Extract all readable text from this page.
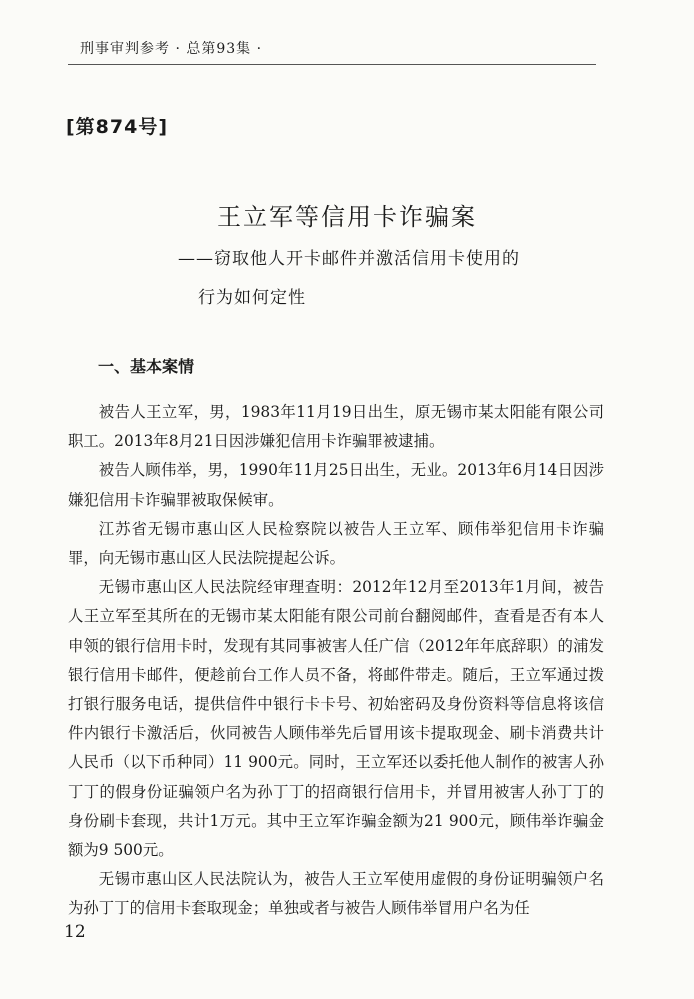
刑事审判参考 · 总第93集 ·
[第874号]
王立军等信用卡诈骗案
——窃取他人开卡邮件并激活信用卡使用的
行为如何定性
一、基本案情

被告人王立军，男，1983年11月19日出生，原无锡市某太阳能有限公司职工。2013年8月21日因涉嫌犯信用卡诈骗罪被逮捕。

被告人顾伟举，男，1990年11月25日出生，无业。2013年6月14日因涉嫌犯信用卡诈骗罪被取保候审。

江苏省无锡市惠山区人民检察院以被告人王立军、顾伟举犯信用卡诈骗罪，向无锡市惠山区人民法院提起公诉。

无锡市惠山区人民法院经审理查明：2012年12月至2013年1月间，被告人王立军至其所在的无锡市某太阳能有限公司前台翻阅邮件，查看是否有本人申领的银行信用卡时，发现有其同事被害人任广信（2012年年底辞职）的浦发银行信用卡邮件，便趁前台工作人员不备，将邮件带走。随后，王立军通过拨打银行服务电话，提供信件中银行卡卡号、初始密码及身份资料等信息将该信件内银行卡激活后，伙同被告人顾伟举先后冒用该卡提取现金、刷卡消费共计人民币（以下币种同）11 900元。同时，王立军还以委托他人制作的被害人孙丁丁的假身份证骗领户名为孙丁丁的招商银行信用卡，并冒用被害人孙丁丁的身份刷卡套现，共计1万元。其中王立军诈骗金额为21 900元，顾伟举诈骗金额为9 500元。

无锡市惠山区人民法院认为，被告人王立军使用虚假的身份证明骗领户名为孙丁丁的信用卡套取现金；单独或者与被告人顾伟举冒用户名为任

12
